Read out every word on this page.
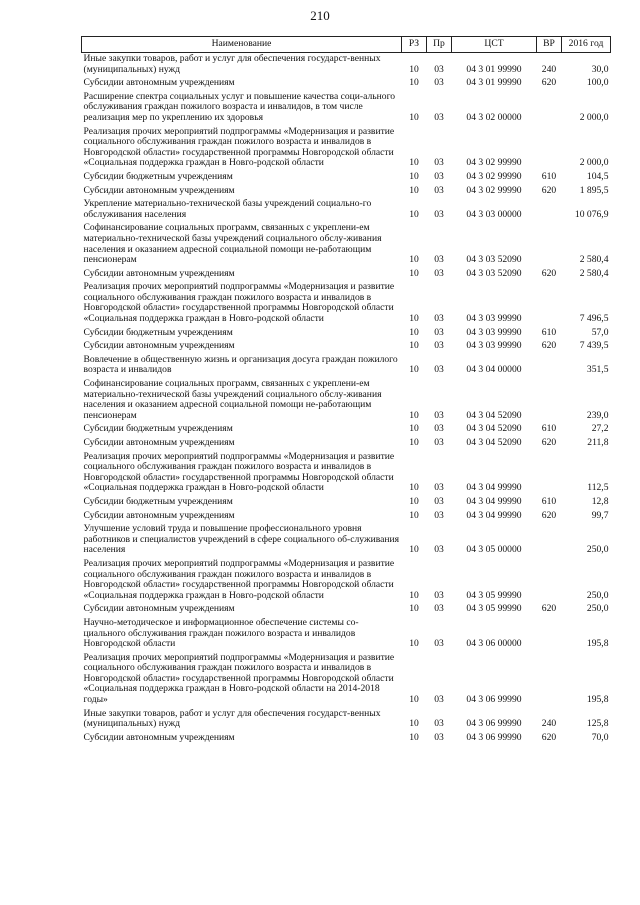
210
Наименование	РЗ	Пр	ЦСТ	ВР	2016 год
Иные закупки товаров, работ и услуг для обеспечения государст-венных (муниципальных) нужд	10	03	04 3 01 99990	240	30,0
Субсидии автономным учреждениям	10	03	04 3 01 99990	620	100,0
Расширение спектра социальных услуг и повышение качества соци-ального обслуживания граждан пожилого возраста и инвалидов, в том числе реализация мер по укреплению их здоровья	10	03	04 3 02 00000		2 000,0
Реализация прочих мероприятий подпрограммы «Модернизация и развитие социального обслуживания граждан пожилого возраста и инвалидов в Новгородской области» государственной программы Новгородской области «Социальная поддержка граждан в Новго-родской области	10	03	04 3 02 99990		2 000,0
Субсидии бюджетным учреждениям	10	03	04 3 02 99990	610	104,5
Субсидии автономным учреждениям	10	03	04 3 02 99990	620	1 895,5
Укрепление материально-технической базы учреждений социально-го обслуживания населения	10	03	04 3 03 00000		10 076,9
Софинансирование социальных программ, связанных с укреплени-ем материально-технической базы учреждений социального обслу-живания населения и оказанием адресной социальной помощи не-работающим пенсионерам	10	03	04 3 03 52090		2 580,4
Субсидии автономным учреждениям	10	03	04 3 03 52090	620	2 580,4
Реализация прочих мероприятий подпрограммы «Модернизация и развитие социального обслуживания граждан пожилого возраста и инвалидов в Новгородской области» государственной программы Новгородской области «Социальная поддержка граждан в Новго-родской области	10	03	04 3 03 99990		7 496,5
Субсидии бюджетным учреждениям	10	03	04 3 03 99990	610	57,0
Субсидии автономным учреждениям	10	03	04 3 03 99990	620	7 439,5
Вовлечение в общественную жизнь и организация досуга граждан пожилого возраста и инвалидов	10	03	04 3 04 00000		351,5
Софинансирование социальных программ, связанных с укреплени-ем материально-технической базы учреждений социального обслу-живания населения и оказанием адресной социальной помощи не-работающим пенсионерам	10	03	04 3 04 52090		239,0
Субсидии бюджетным учреждениям	10	03	04 3 04 52090	610	27,2
Субсидии автономным учреждениям	10	03	04 3 04 52090	620	211,8
Реализация прочих мероприятий подпрограммы «Модернизация и развитие социального обслуживания граждан пожилого возраста и инвалидов в Новгородской области» государственной программы Новгородской области «Социальная поддержка граждан в Новго-родской области	10	03	04 3 04 99990		112,5
Субсидии бюджетным учреждениям	10	03	04 3 04 99990	610	12,8
Субсидии автономным учреждениям	10	03	04 3 04 99990	620	99,7
Улучшение условий труда и повышение профессионального уровня работников и специалистов учреждений в сфере социального об-служивания населения	10	03	04 3 05 00000		250,0
Реализация прочих мероприятий подпрограммы «Модернизация и развитие социального обслуживания граждан пожилого возраста и инвалидов в Новгородской области» государственной программы Новгородской области «Социальная поддержка граждан в Новго-родской области	10	03	04 3 05 99990		250,0
Субсидии автономным учреждениям	10	03	04 3 05 99990	620	250,0
Научно-методическое и информационное обеспечение системы со-циального обслуживания граждан пожилого возраста и инвалидов Новгородской области	10	03	04 3 06 00000		195,8
Реализация прочих мероприятий подпрограммы «Модернизация и развитие социального обслуживания граждан пожилого возраста и инвалидов в Новгородской области» государственной программы Новгородской области «Социальная поддержка граждан в Новго-родской области на 2014-2018 годы»	10	03	04 3 06 99990		195,8
Иные закупки товаров, работ и услуг для обеспечения государст-венных (муниципальных) нужд	10	03	04 3 06 99990	240	125,8
Субсидии автономным учреждениям	10	03	04 3 06 99990	620	70,0
